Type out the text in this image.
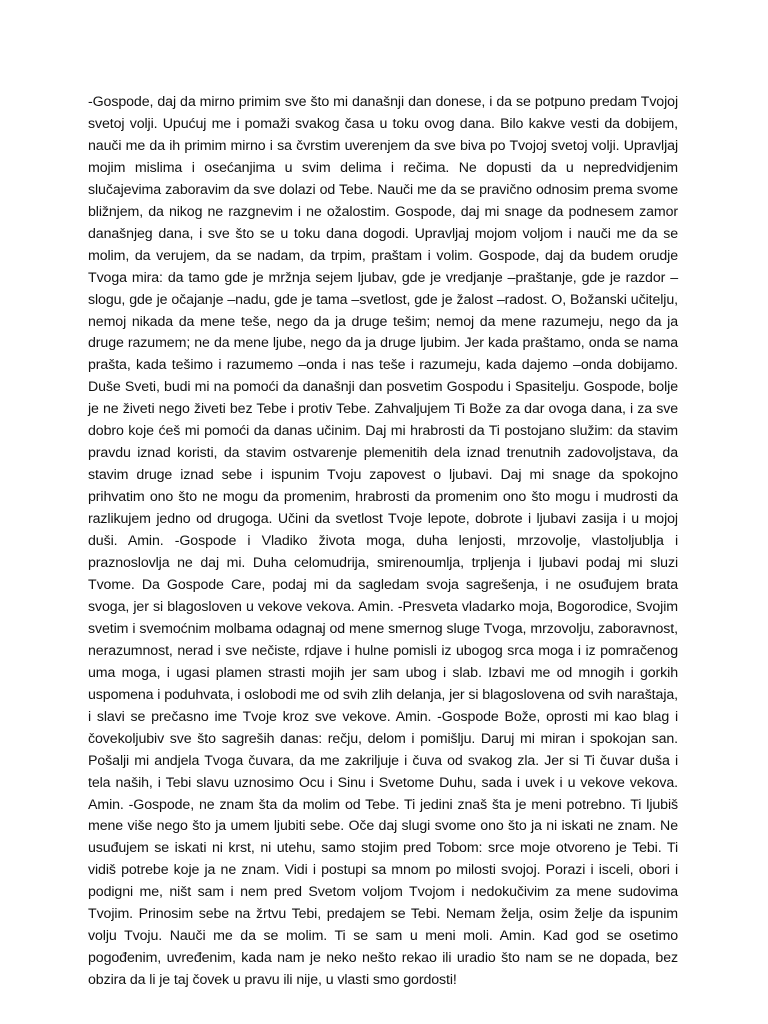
-Gospode, daj da mirno primim sve što mi današnji dan donese, i da se potpuno predam Tvojoj svetoj volji. Upućuj me i pomaži svakog časa u toku ovog dana. Bilo kakve vesti da dobijem, nauči me da ih primim mirno i sa čvrstim uverenjem da sve biva po Tvojoj svetoj volji. Upravljaj mojim mislima i osećanjima u svim delima i rečima. Ne dopusti da u nepredvidjenim slučajevima zaboravim da sve dolazi od Tebe. Nauči me da se pravično odnosim prema svome bližnjem, da nikog ne razgnevim i ne ožalostim. Gospode, daj mi snage da podnesem zamor današnjeg dana, i sve što se u toku dana dogodi. Upravljaj mojom voljom i nauči me da se molim, da verujem, da se nadam, da trpim, praštam i volim. Gospode, daj da budem orudje Tvoga mira: da tamo gde je mržnja sejem ljubav, gde je vredjanje –praštanje, gde je razdor –slogu, gde je očajanje –nadu, gde je tama –svetlost, gde je žalost –radost. O, Božanski učitelju, nemoj nikada da mene teše, nego da ja druge tešim; nemoj da mene razumeju, nego da ja druge razumem; ne da mene ljube, nego da ja druge ljubim. Jer kada praštamo, onda se nama prašta, kada tešimo i razumemo –onda i nas teše i razumeju, kada dajemo –onda dobijamo. Duše Sveti, budi mi na pomoći da današnji dan posvetim Gospodu i Spasitelju. Gospode, bolje je ne živeti nego živeti bez Tebe i protiv Tebe. Zahvaljujem Ti Bože za dar ovoga dana, i za sve dobro koje ćeš mi pomoći da danas učinim. Daj mi hrabrosti da Ti postojano služim: da stavim pravdu iznad koristi, da stavim ostvarenje plemenitih dela iznad trenutnih zadovoljstava, da stavim druge iznad sebe i ispunim Tvoju zapovest o ljubavi. Daj mi snage da spokojno prihvatim ono što ne mogu da promenim, hrabrosti da promenim ono što mogu i mudrosti da razlikujem jedno od drugoga. Učini da svetlost Tvoje lepote, dobrote i ljubavi zasija i u mojoj duši. Amin. -Gospode i Vladiko života moga, duha lenjosti, mrzovolje, vlastoljublja i praznoslovlja ne daj mi. Duha celomudrija, smirenoumlja, trpljenja i ljubavi podaj mi sluzi Tvome. Da Gospode Care, podaj mi da sagledam svoja sagrešenja, i ne osuđujem brata svoga, jer si blagosloven u vekove vekova. Amin. -Presveta vladarko moja, Bogorodice, Svojim svetim i svemoćnim molbama odagnaj od mene smernog sluge Tvoga, mrzovolju, zaboravnost, nerazumnost, nerad i sve nečiste, rdjave i hulne pomisli iz ubogog srca moga i iz pomračenog uma moga, i ugasi plamen strasti mojih jer sam ubog i slab. Izbavi me od mnogih i gorkih uspomena i poduhvata, i oslobodi me od svih zlih delanja, jer si blagoslovena od svih naraštaja, i slavi se prečasno ime Tvoje kroz sve vekove. Amin. -Gospode Bože, oprosti mi kao blag i čovekoljubiv sve što sagreših danas: rečju, delom i pomišlju. Daruj mi miran i spokojan san. Pošalji mi andjela Tvoga čuvara, da me zakriljuje i čuva od svakog zla. Jer si Ti čuvar duša i tela naših, i Tebi slavu uznosimo Ocu i Sinu i Svetome Duhu, sada i uvek i u vekove vekova. Amin. -Gospode, ne znam šta da molim od Tebe. Ti jedini znaš šta je meni potrebno. Ti ljubiš mene više nego što ja umem ljubiti sebe. Oče daj slugi svome ono što ja ni iskati ne znam. Ne usuđujem se iskati ni krst, ni utehu, samo stojim pred Tobom: srce moje otvoreno je Tebi. Ti vidiš potrebe koje ja ne znam. Vidi i postupi sa mnom po milosti svojoj. Porazi i isceli, obori i podigni me, ništ sam i nem pred Svetom voljom Tvojom i nedokučivim za mene sudovima Tvojim. Prinosim sebe na žrtvu Tebi, predajem se Tebi. Nemam želja, osim želje da ispunim volju Tvoju. Nauči me da se molim. Ti se sam u meni moli. Amin. Kad god se osetimo pogođenim, uvređenim, kada nam je neko nešto rekao ili uradio što nam se ne dopada, bez obzira da li je taj čovek u pravu ili nije, u vlasti smo gordosti!
